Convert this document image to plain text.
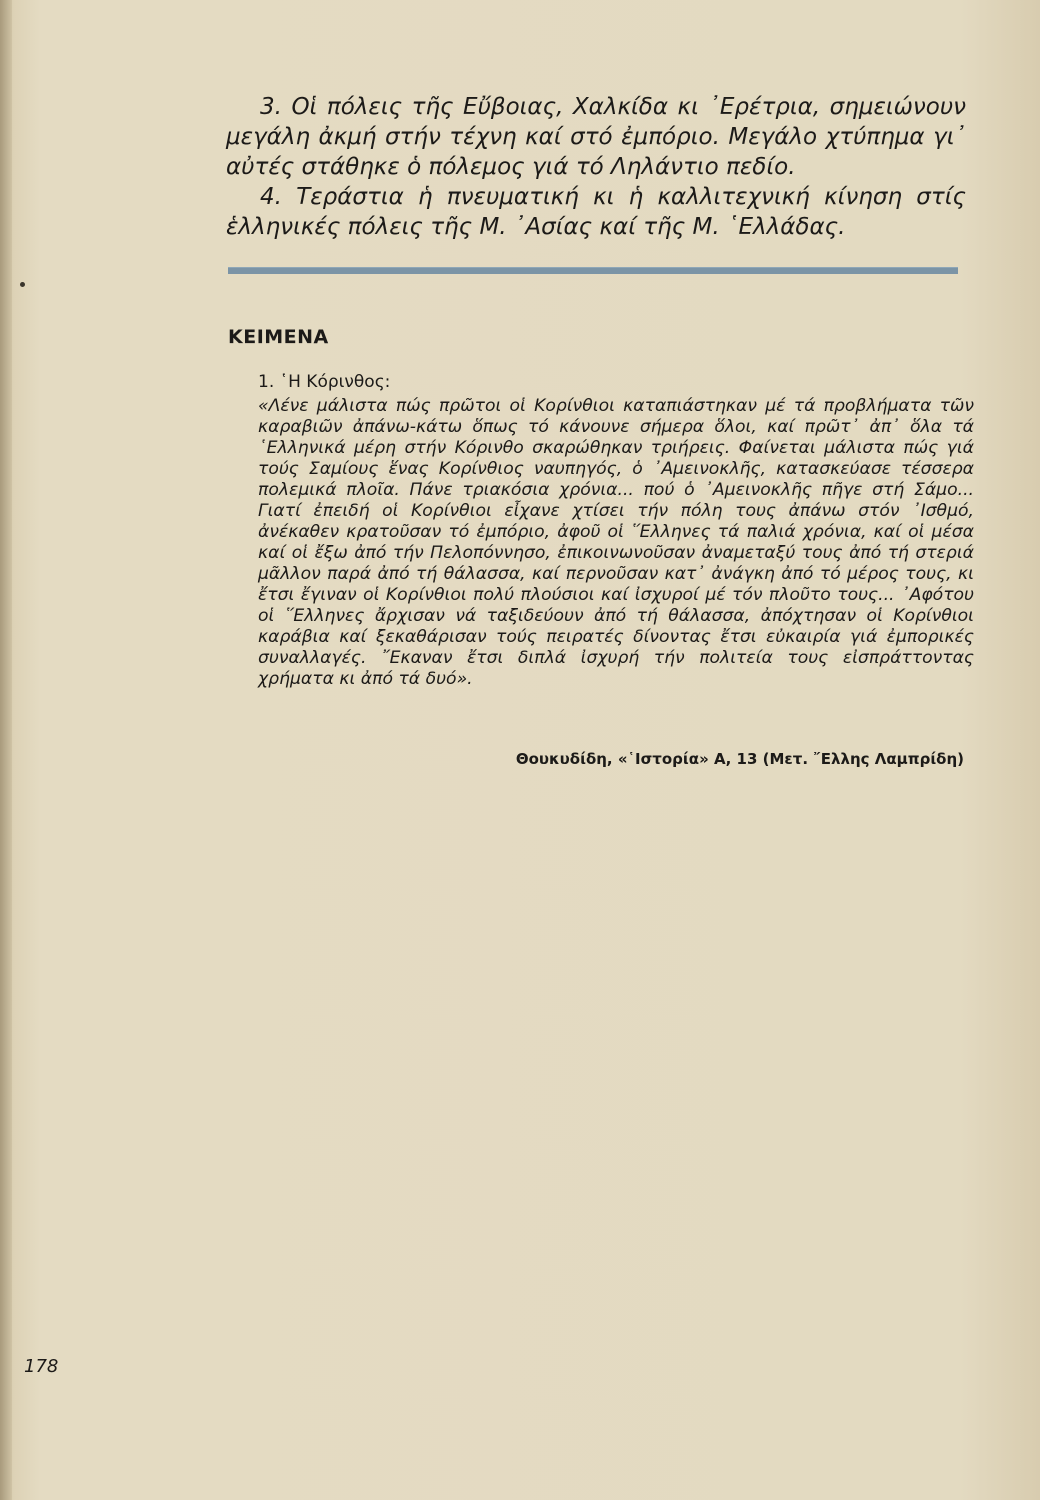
3. Οἱ πόλεις τῆς Εὔβοιας, Χαλκίδα κι ᾿Ερέτρια, σημειώνουν μεγάλη ἀκμή στήν τέχνη καί στό ἐμπόριο. Μεγάλο χτύπημα γι᾿ αὐτές στάθηκε ὁ πόλεμος γιά τό Ληλάντιο πεδίο.

4. Τεράστια ἡ πνευματική κι ἡ καλλιτεχνική κίνηση στίς ἑλληνικές πόλεις τῆς Μ. ᾿Ασίας καί τῆς Μ. ῾Ελλάδας.

ΚΕΙΜΕΝΑ
1. ῾Η Κόρινθος:

«Λένε μάλιστα πώς πρῶτοι οἱ Κορίνθιοι καταπιάστηκαν μέ τά προβλήματα τῶν καραβιῶν ἀπάνω-κάτω ὅπως τό κάνουνε σήμερα ὅλοι, καί πρῶτ᾿ ἀπ᾿ ὅλα τά ῾Ελληνικά μέρη στήν Κόρινθο σκαρώθηκαν τριήρεις. Φαίνεται μάλιστα πώς γιά τούς Σαμίους ἕνας Κορίνθιος ναυπηγός, ὁ ᾿Αμεινοκλῆς, κατασκεύασε τέσσερα πολεμικά πλοῖα. Πάνε τριακόσια χρόνια... πού ὁ ᾿Αμεινοκλῆς πῆγε στή Σάμο... Γιατί ἐπειδή οἱ Κορίνθιοι εἶχανε χτίσει τήν πόλη τους ἀπάνω στόν ᾿Ισθμό, ἀνέκαθεν κρατοῦσαν τό ἐμπόριο, ἀφοῦ οἱ ῞Ελληνες τά παλιά χρόνια, καί οἱ μέσα καί οἱ ἔξω ἀπό τήν Πελοπόννησο, ἐπικοινωνοῦσαν ἀναμεταξύ τους ἀπό τή στεριά μᾶλλον παρά ἀπό τή θάλασσα, καί περνοῦσαν κατ᾿ ἀνάγκη ἀπό τό μέρος τους, κι ἔτσι ἔγιναν οἱ Κορίνθιοι πολύ πλούσιοι καί ἰσχυροί μέ τόν πλοῦτο τους... ᾿Αφότου οἱ ῞Ελληνες ἄρχισαν νά ταξιδεύουν ἀπό τή θάλασσα, ἀπόχτησαν οἱ Κορίνθιοι καράβια καί ξεκαθάρισαν τούς πειρατές δίνοντας ἔτσι εὐκαιρία γιά ἐμπορικές συναλλαγές. ῎Εκαναν ἔτσι διπλά ἰσχυρή τήν πολιτεία τους εἰσπράττοντας χρήματα κι ἀπό τά δυό».

Θουκυδίδη, «῾Ιστορία» Α, 13 (Μετ. ῎Ελλης Λαμπρίδη)
178
